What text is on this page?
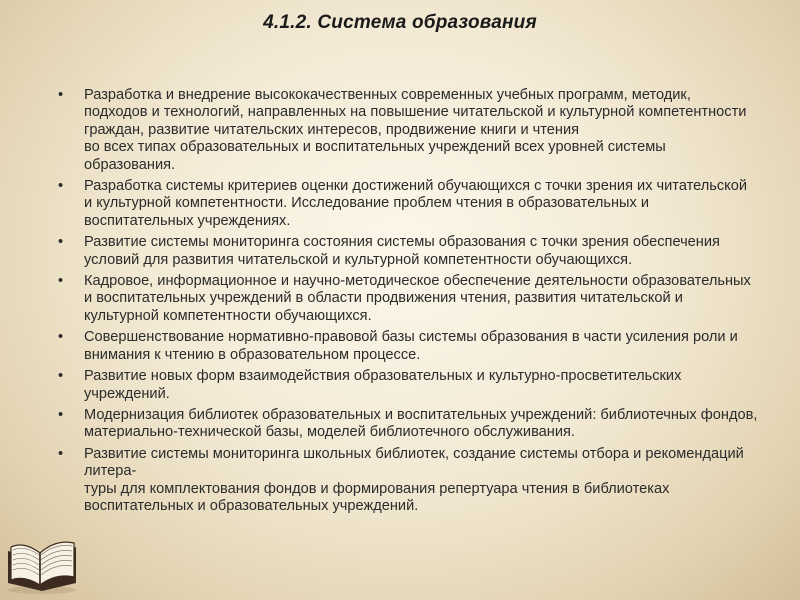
4.1.2. Система образования
•	Разработка и внедрение высококачественных современных учебных программ, методик, подходов и технологий, направленных на повышение читательской и культурной компетентности граждан, развитие читательских интересов, продвижение книги и чтения
во всех типах образовательных и воспитательных учреждений всех уровней системы образования.
•	Разработка системы критериев оценки достижений обучающихся с точки зрения их читательской и культурной компетентности. Исследование проблем чтения в образовательных и воспитательных учреждениях.
•	Развитие системы мониторинга состояния системы образования с точки зрения обеспечения условий для развития читательской и культурной компетентности обучающихся.
•	Кадровое, информационное и научно-методическое обеспечение деятельности образовательных и воспитательных учреждений в области продвижения чтения, развития читательской и культурной компетентности обучающихся.
•	Совершенствование нормативно-правовой базы системы образования в части усиления роли и внимания к чтению в образовательном процессе.
•	Развитие новых форм взаимодействия образовательных и культурно-просветительских учреждений.
•	Модернизация библиотек образовательных и воспитательных учреждений: библиотечных фондов, материально-технической базы, моделей библиотечного обслуживания.
•	Развитие системы мониторинга школьных библиотек, создание системы отбора и рекомендаций литера-
туры для комплектования фондов и формирования репертуара чтения в библиотеках воспитательных и образовательных учреждений.
